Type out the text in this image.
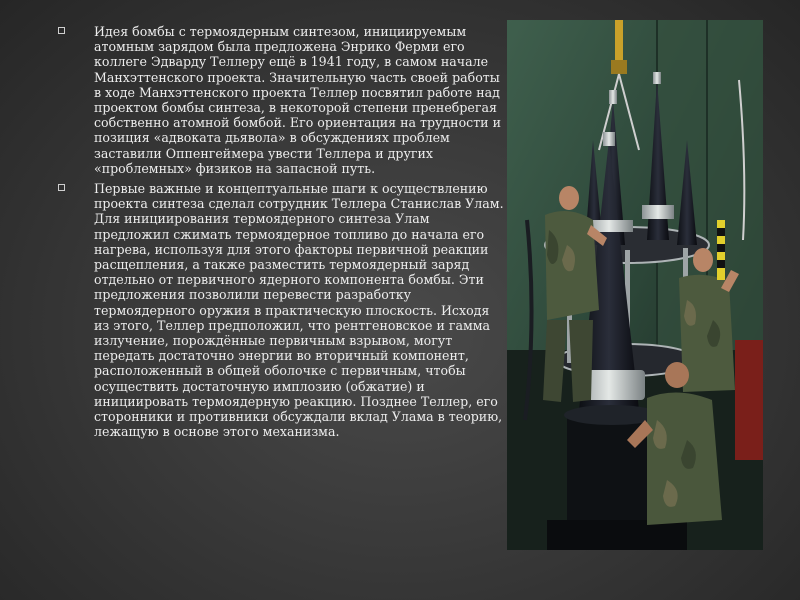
Идея бомбы с термоядерным синтезом, инициируемым атомным зарядом была предложена Энрико Ферми его коллеге Эдварду Теллеру ещё в 1941 году, в самом начале Манхэттенского проекта. Значительную часть своей работы в ходе Манхэттенского проекта Теллер посвятил работе над проектом бомбы синтеза, в некоторой степени пренебрегая собственно атомной бомбой. Его ориентация на трудности и позиция «адвоката дьявола» в обсуждениях проблем заставили Оппенгеймера увести Теллера и других «проблемных» физиков на запасной путь.
Первые важные и концептуальные шаги к осуществлению проекта синтеза сделал сотрудник Теллера Станислав Улам. Для инициирования термоядерного синтеза Улам предложил сжимать термоядерное топливо до начала его нагрева, используя для этого факторы первичной реакции расщепления, а также разместить термоядерный заряд отдельно от первичного ядерного компонента бомбы. Эти предложения позволили перевести разработку термоядерного оружия в практическую плоскость. Исходя из этого, Теллер предположил, что рентгеновское и гамма излучение, порождённые первичным взрывом, могут передать достаточно энергии во вторичный компонент, расположенный в общей оболочке с первичным, чтобы осуществить достаточную имплозию (обжатие) и инициировать термоядерную реакцию. Позднее Теллер, его сторонники и противники обсуждали вклад Улама в теорию, лежащую в основе этого механизма.
